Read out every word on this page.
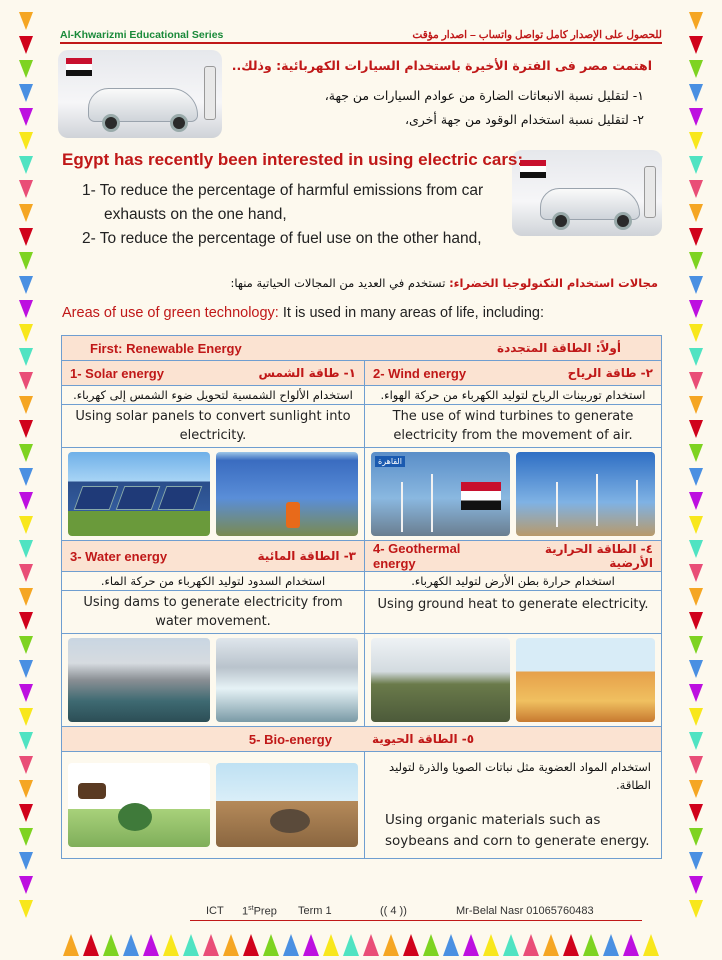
Al-Khwarizmi Educational Series	للحصول على الإصدار كامل تواصل واتساب – اصدار مؤقت
اهتمت مصر فى الفترة الأخيرة باستخدام السيارات الكهربائية: وذلك..
١- لتقليل نسبة الانبعاثات الضارة من عوادم السيارات من جهة،
٢- لتقليل نسبة استخدام الوقود من جهة أخرى،
Egypt has recently been interested in using electric cars:
1- To reduce the percentage of harmful emissions from car
exhausts on the one hand,
2- To reduce the percentage of fuel use on the other hand,
مجالات استخدام التكنولوجيا الخضراء: تستخدم في العديد من المجالات الحياتية منها:
Areas of use of green technology: It is used in many areas of life, including:
First: Renewable Energy أولاً: الطاقة المتجددة	

1- Solar energy ١- طاقة الشمس	2- Wind energy ٢- طاقة الرياح

استخدام الألواح الشمسية لتحويل ضوء الشمس إلى كهرباء.	استخدام توربينات الرياح لتوليد الكهرباء من حركة الهواء.
Using solar panels to convert sunlight into electricity.	The use of wind turbines to generate electricity from the movement of air.

	القاهرة

3- Water energy ٣- الطاقة المائية	4- Geothermal energy
٤- الطاقة الحرارية الأرضية

استخدام السدود لتوليد الكهرباء من حركة الماء.	استخدام حرارة بطن الأرض لتوليد الكهرباء.
Using dams to generate electricity from water movement.	Using ground heat to generate electricity.

5- Bio-energy ٥- الطاقة الحيوية	

	استخدام المواد العضوية مثل نباتات الصويا والذرة لتوليد الطاقة.
Using organic materials such as soybeans and corn to generate energy.
ICT 1stPrep Term 1	(( 4 ))	Mr-Belal Nasr 01065760483
